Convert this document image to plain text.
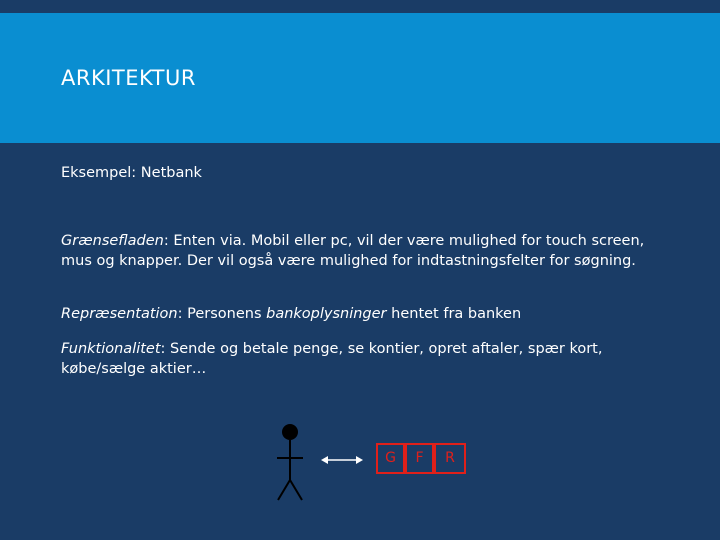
ARKITEKTUR
Eksempel: Netbank
Grænsefladen: Enten via. Mobil eller pc, vil der være mulighed for touch screen, mus og knapper. Der vil også være mulighed for indtastningsfelter for søgning.
Repræsentation: Personens bankoplysninger hentet fra banken
Funktionalitet: Sende og betale penge, se kontier, opret aftaler, spær kort, købe/sælge aktier…
G	F	R
